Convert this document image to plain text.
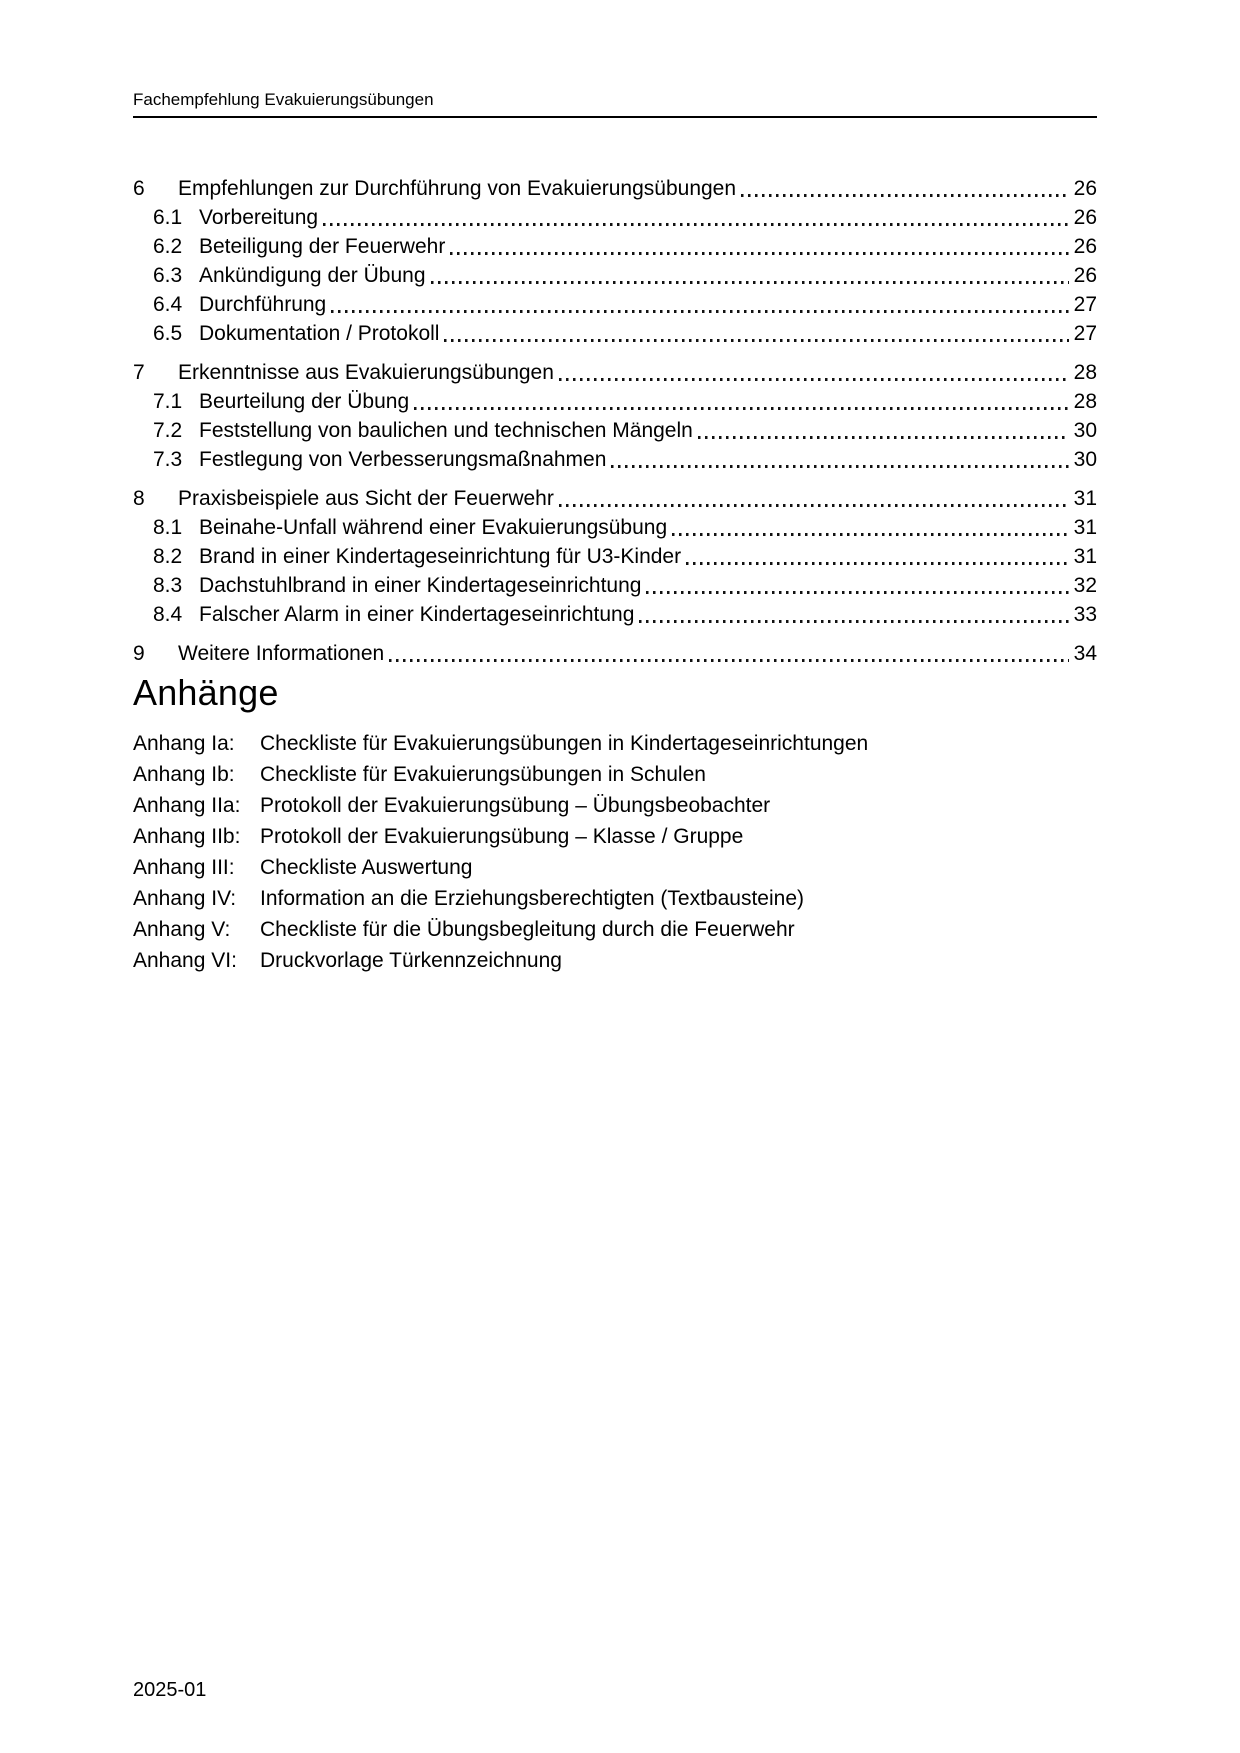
Fachempfehlung Evakuierungsübungen
6	Empfehlungen zur Durchführung von Evakuierungsübungen	26
6.1 Vorbereitung	26
6.2 Beteiligung der Feuerwehr	26
6.3 Ankündigung der Übung	26
6.4 Durchführung	27
6.5 Dokumentation / Protokoll	27
7	Erkenntnisse aus Evakuierungsübungen	28
7.1 Beurteilung der Übung	28
7.2 Feststellung von baulichen und technischen Mängeln	30
7.3 Festlegung von Verbesserungsmaßnahmen	30
8	Praxisbeispiele aus Sicht der Feuerwehr	31
8.1 Beinahe-Unfall während einer Evakuierungsübung	31
8.2 Brand in einer Kindertageseinrichtung für U3-Kinder	31
8.3 Dachstuhlbrand in einer Kindertageseinrichtung	32
8.4 Falscher Alarm in einer Kindertageseinrichtung	33
9	Weitere Informationen	34
Anhänge
Anhang Ia:	Checkliste für Evakuierungsübungen in Kindertageseinrichtungen
Anhang Ib:	Checkliste für Evakuierungsübungen in Schulen
Anhang IIa: Protokoll der Evakuierungsübung – Übungsbeobachter
Anhang IIb: Protokoll der Evakuierungsübung – Klasse / Gruppe
Anhang III:	Checkliste Auswertung
Anhang IV:	Information an die Erziehungsberechtigten (Textbausteine)
Anhang V:	Checkliste für die Übungsbegleitung durch die Feuerwehr
Anhang VI:	Druckvorlage Türkennzeichnung
2025-01
